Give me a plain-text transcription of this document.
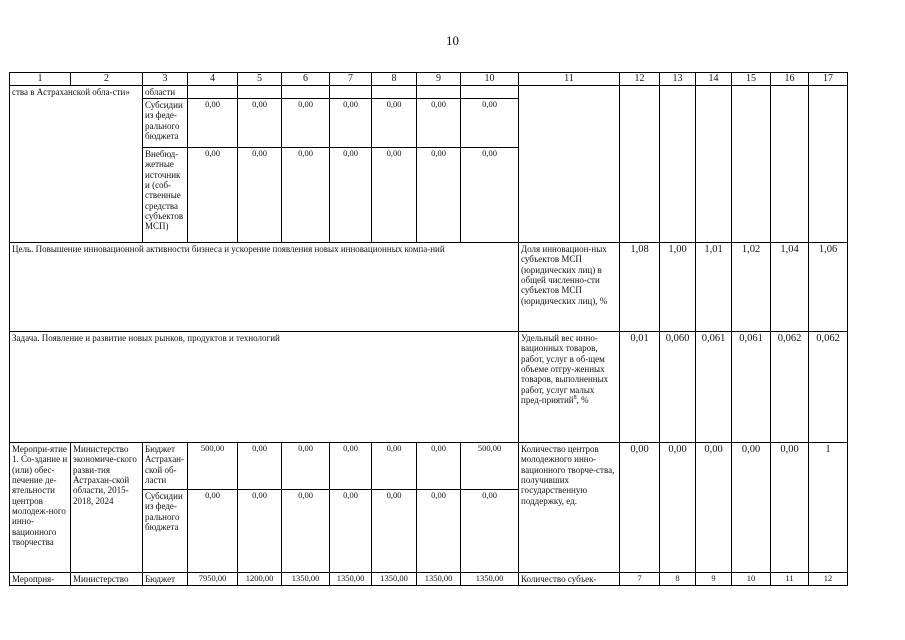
10
1	2	3	4	5	6	7	8	9	10	11	12	13	14	15	16	17
ства в Астраханской обла-сти»		области														
		Субсидии из феде-рального бюджета	0,00	0,00	0,00	0,00	0,00	0,00	0,00							
		Внебюд-жетные источники (соб-ственные средства субъектов МСП)	0,00	0,00	0,00	0,00	0,00	0,00	0,00							
Цель. Повышение инновационной активности бизнеса и ускорение появления новых инновационных компа-ний										Доля инновацион-ных субъектов МСП (юридических лиц) в общей численно-сти субъектов МСП (юридических лиц), %	1,08	1,00	1,01	1,02	1,04	1,06
Задача. Появление и развитие новых рынков, продуктов и технологий										Удельный вес инно-вационных товаров, работ, услуг в об-щем объеме отгру-женных товаров, выполненных работ, услуг малых пред-приятий$^8$, %	0,01	0,060	0,061	0,061	0,062	0,062
Меропри-ятие 1. Со-здание и (или) обес-печение де-ятельности центров молодеж-ного инно-вационного творчества	Министерство экономиче-ского разви-тия Астрахан-ской области, 2015-2018, 2024	Бюджет Астрахан-ской об-ласти	500,00	0,00	0,00	0,00	0,00	0,00	500,00	Количество центров молодежного инно-вационного творче-ства, получивших государственную поддержку, ед.	0,00	0,00	0,00	0,00	0,00	1
		Субсидии из феде-рального бюджета	0,00	0,00	0,00	0,00	0,00	0,00	0,00							
Меропрня-	Министерство	Бюджет	7950,00	1200,00	1350,00	1350,00	1350,00	1350,00	1350,00	Количество субъек-	7	8	9	10	11	12
